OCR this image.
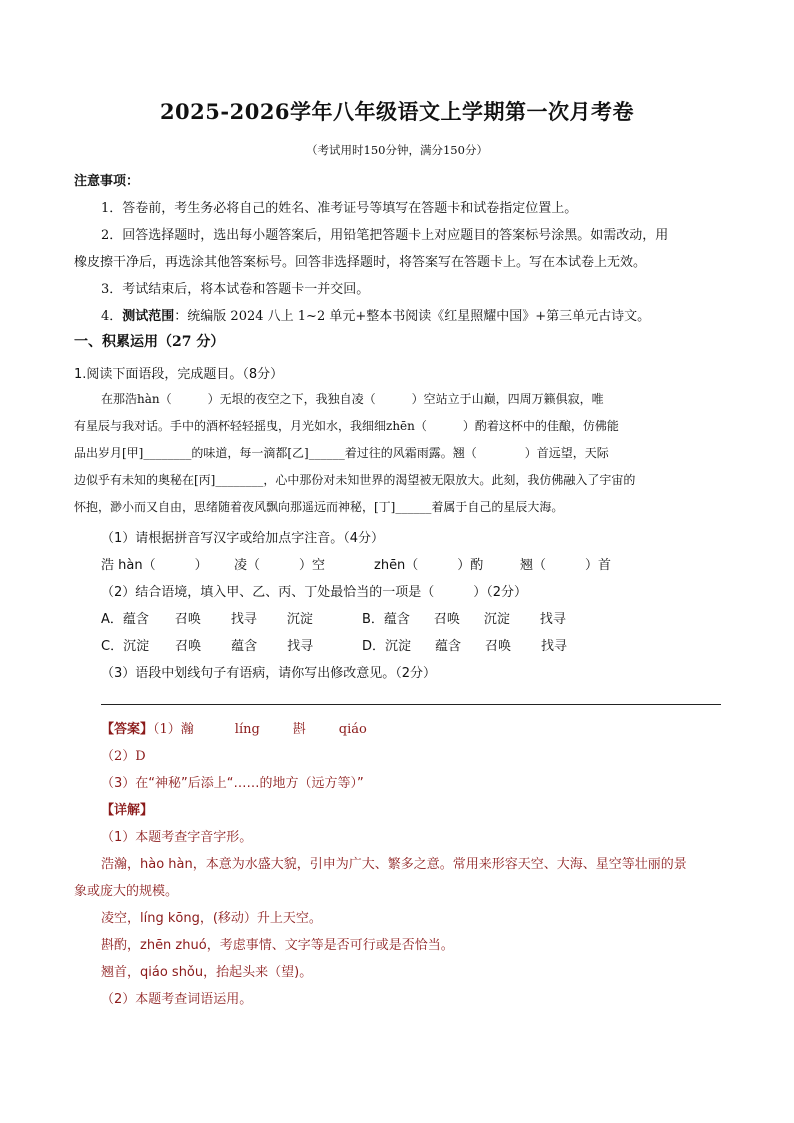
2025-2026学年八年级语文上学期第一次月考卷
（考试用时150分钟，满分150分）
注意事项：
1．答卷前，考生务必将自己的姓名、准考证号等填写在答题卡和试卷指定位置上。
2．回答选择题时，选出每小题答案后，用铅笔把答题卡上对应题目的答案标号涂黑。如需改动，用
橡皮擦干净后，再选涂其他答案标号。回答非选择题时，将答案写在答题卡上。写在本试卷上无效。
3．考试结束后，将本试卷和答题卡一并交回。
4．测试范围：统编版 2024 八上 1~2 单元+整本书阅读《红星照耀中国》+第三单元古诗文。
一、积累运用（27 分）
1.阅读下面语段，完成题目。（8分）
在那浩hàn（　　　）无垠的夜空之下，我独自凌（　　　）空站立于山巅，四周万籁俱寂，唯
有星辰与我对话。手中的酒杯轻轻摇曳，月光如水，我细细zhēn（　　　）酌着这杯中的佳酿，仿佛能
品出岁月[甲]________的味道，每一滴都[乙]______着过往的风霜雨露。翘（　　　　）首远望，天际
边似乎有未知的奥秘在[丙]________，心中那份对未知世界的渴望被无限放大。此刻，我仿佛融入了宇宙的
怀抱，渺小而又自由，思绪随着夜风飘向那遥远而神秘，[丁]______着属于自己的星辰大海。
（1）请根据拼音写汉字或给加点字注音。（4分）
浩 hàn（　　　） 凌（　　　）空	zhēn（　　　）酌	翘（　　　）首
（2）结合语境，填入甲、乙、丙、丁处最恰当的一项是（　　　）（2分）
A．蕴含 召唤 找寻 沉淀	B．蕴含 召唤 沉淀 找寻
C．沉淀 召唤 蕴含 找寻	D．沉淀 蕴含 召唤 找寻
（3）语段中划线句子有语病，请你写出修改意见。（2分）
【答案】（1）瀚	líng	斟	qiáo
（2）D
（3）在“神秘”后添上“……的地方（远方等）”
【详解】
（1）本题考查字音字形。
浩瀚，hào hàn，本意为水盛大貌，引申为广大、繁多之意。常用来形容天空、大海、星空等壮丽的景
象或庞大的规模。
凌空，líng kōng，(移动）升上天空。
斟酌，zhēn zhuó，考虑事情、文字等是否可行或是否恰当。
翘首，qiáo shǒu，抬起头来（望)。
（2）本题考查词语运用。
